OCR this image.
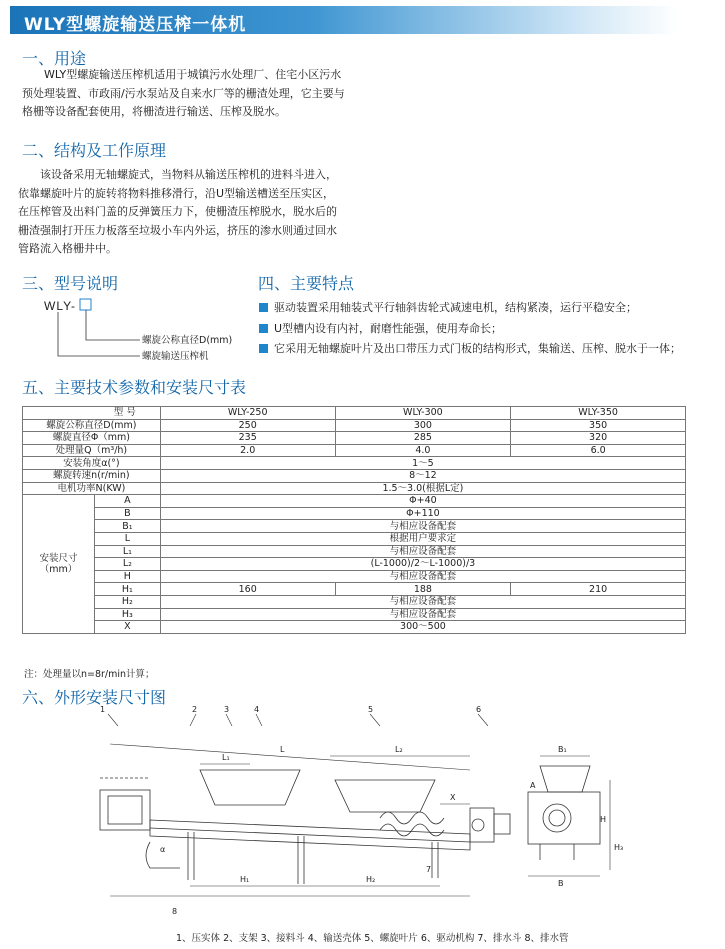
WLY型螺旋输送压榨一体机
一、用途

WLY型螺旋输送压榨机适用于城镇污水处理厂、住宅小区污水

预处理装置、市政雨/污水泵站及自来水厂等的栅渣处理，它主要与

格栅等设备配套使用，将栅渣进行输送、压榨及脱水。

二、结构及工作原理

该设备采用无轴螺旋式，当物料从输送压榨机的进料斗进入，

依靠螺旋叶片的旋转将物料推移滑行，沿U型输送槽送至压实区，

在压榨管及出料门盖的反弹簧压力下，使栅渣压榨脱水，脱水后的

栅渣强制打开压力板落至垃圾小车内外运，挤压的渗水则通过回水

管路流入格栅井中。

三、型号说明
WLY-
螺旋公称直径D(mm)
螺旋输送压榨机
四、主要特点
驱动装置采用轴装式平行轴斜齿轮式减速电机，结构紧凑，运行平稳安全；
U型槽内设有内衬，耐磨性能强，使用寿命长；
它采用无轴螺旋叶片及出口带压力式门板的结构形式，集输送、压榨、脱水于一体；
五、主要技术参数和安装尺寸表
型 号		WLY-250	WLY-300	WLY-350
螺旋公称直径D(mm)		250	300	350
螺旋直径Φ（mm)		235	285	320
处理量Q（m³/h)		2.0	4.0	6.0
安装角度α(°)		1～5		
螺旋转速n(r/min)		8～12		
电机功率N(KW)		1.5～3.0(根据L定)		

安装尺寸
（mm）	A	Φ+40		
	B	Φ+110		
	B₁	与相应设备配套		
	L	根据用户要求定		
	L₁	与相应设备配套		
	L₂	(L-1000)/2～L-1000)/3		
	H	与相应设备配套		
	H₁	160	188	210
	H₂	与相应设备配套		
	H₃	与相应设备配套		
	X	300～500		
注：处理量以n=8r/min计算；
六、外形安装尺寸图
1	2	3	4	5	6
7
8
L
L₁
L₂
H
H₁	H₂
H₃
B
B₁
X
A
α
1、压实体 2、支架 3、接料斗 4、输送壳体 5、螺旋叶片 6、驱动机构 7、排水斗 8、排水管
